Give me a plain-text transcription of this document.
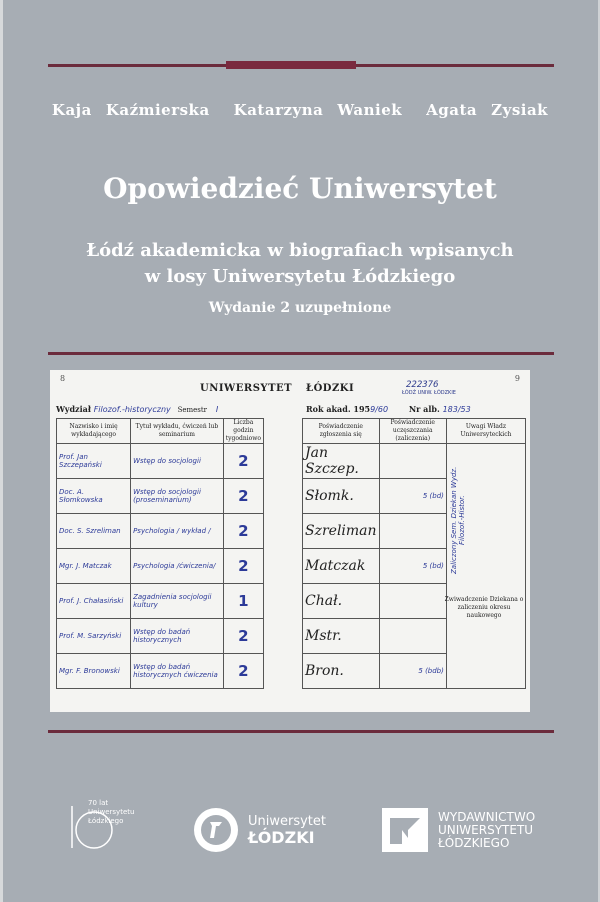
Kaja Kaźmierska Katarzyna Waniek Agata Zysiak
Opowiedzieć Uniwersytet
Łódź akademicka w biografiach wpisanych
w losy Uniwersytetu Łódzkiego
Wydanie 2 uzupełnione
8	9
UNIWERSYTET ŁÓDZKI	222376
ŁÓDŹ UNIW. ŁÓDZKIE
Wydział Filozof.-historyczny Semestr I	Rok akad. 1959/60	Nr alb. 183/53
Nazwisko i imię wykładającego	Tytuł wykładu, ćwiczeń lub seminarium	Liczba godzin tygodniowo
Prof. Jan Szczepański	Wstęp do socjologii	2
Doc. A. Słomkowska	Wstęp do socjologii (proseminarium)	2
Doc. S. Szreliman	Psychologia / wykład /	2
Mgr. J. Matczak	Psychologia /ćwiczenia/	2
Prof. J. Chałasiński	Zagadnienia socjologii kultury	1
Prof. M. Sarzyński	Wstęp do badań historycznych	2
Mgr. F. Bronowski	Wstęp do badań historycznych ćwiczenia	2
Poświadczenie zgłoszenia się	Poświadczenie uczęszczania (zaliczenia)	Uwagi Władz Uniwersyteckich
Jan Szczep.		
Słomk.	5 (bd)	
Szreliman		
Matczak	5 (bd)	
Chał.		
Mstr.		
Bron.	5 (bdb)	
Zaliczony Sem. Dziekan Wydz. Filozof.-Histor.
Zwiwadczenie Dziekana o zaliczeniu okresu naukowego
70 lat Uniwersytetu Łódzkiego	Uniwersytet
ŁÓDZKI
WYDAWNICTWO
UNIWERSYTETU
ŁÓDZKIEGO
